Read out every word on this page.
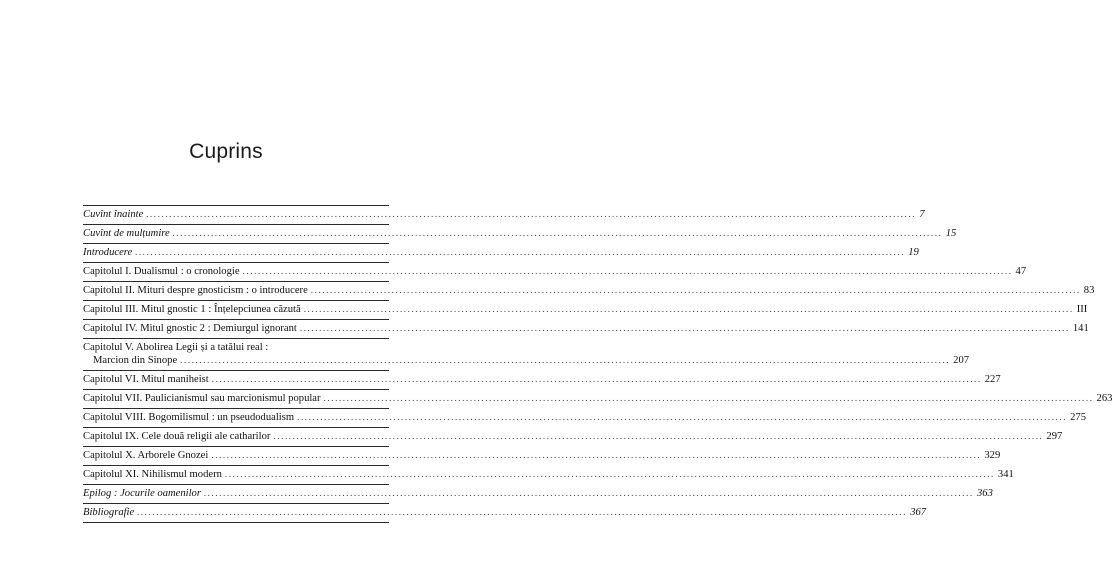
Cuprins
Cuvînt înainte ........................................................................................................................................................................................................ 7
Cuvînt de mulțumire ........................................................................................................................................................................................................ 15
Introducere ........................................................................................................................................................................................................ 19
Capitolul I. Dualismul : o cronologie ........................................................................................................................................................................................................ 47
Capitolul II. Mituri despre gnosticism : o introducere ........................................................................................................................................................................................................ 83
Capitolul III. Mitul gnostic 1 : Înțelepciunea căzută ........................................................................................................................................................................................................ III
Capitolul IV. Mitul gnostic 2 : Demiurgul ignorant ........................................................................................................................................................................................................ 141
Capitolul V. Abolirea Legii și a tatălui real :
Marcion din Sinope ........................................................................................................................................................................................................ 207
Capitolul VI. Mitul maniheist ........................................................................................................................................................................................................ 227
Capitolul VII. Paulicianismul sau marcionismul popular ........................................................................................................................................................................................................ 263
Capitolul VIII. Bogomilismul : un pseudodualism ........................................................................................................................................................................................................ 275
Capitolul IX. Cele două religii ale catharilor ........................................................................................................................................................................................................ 297
Capitolul X. Arborele Gnozei ........................................................................................................................................................................................................ 329
Capitolul XI. Nihilismul modern ........................................................................................................................................................................................................ 341
Epilog : Jocurile oamenilor ........................................................................................................................................................................................................ 363
Bibliografie ........................................................................................................................................................................................................ 367
